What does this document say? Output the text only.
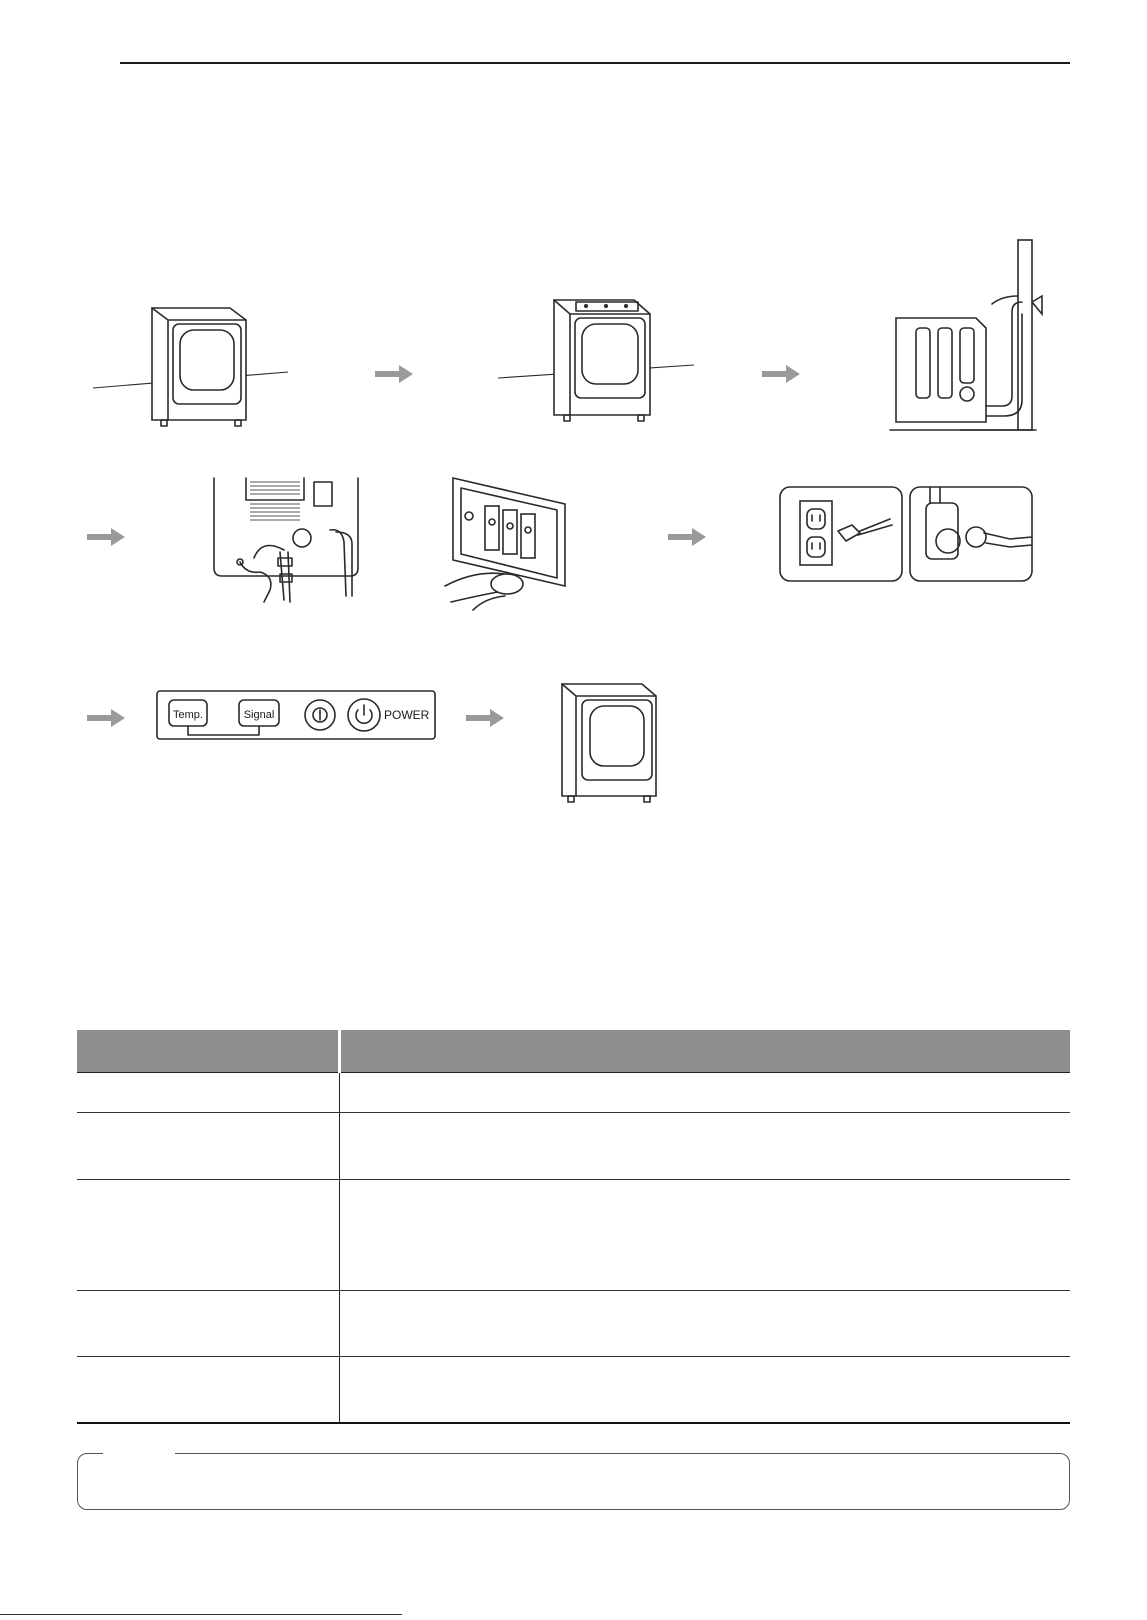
Temp.	Signal	POWER
